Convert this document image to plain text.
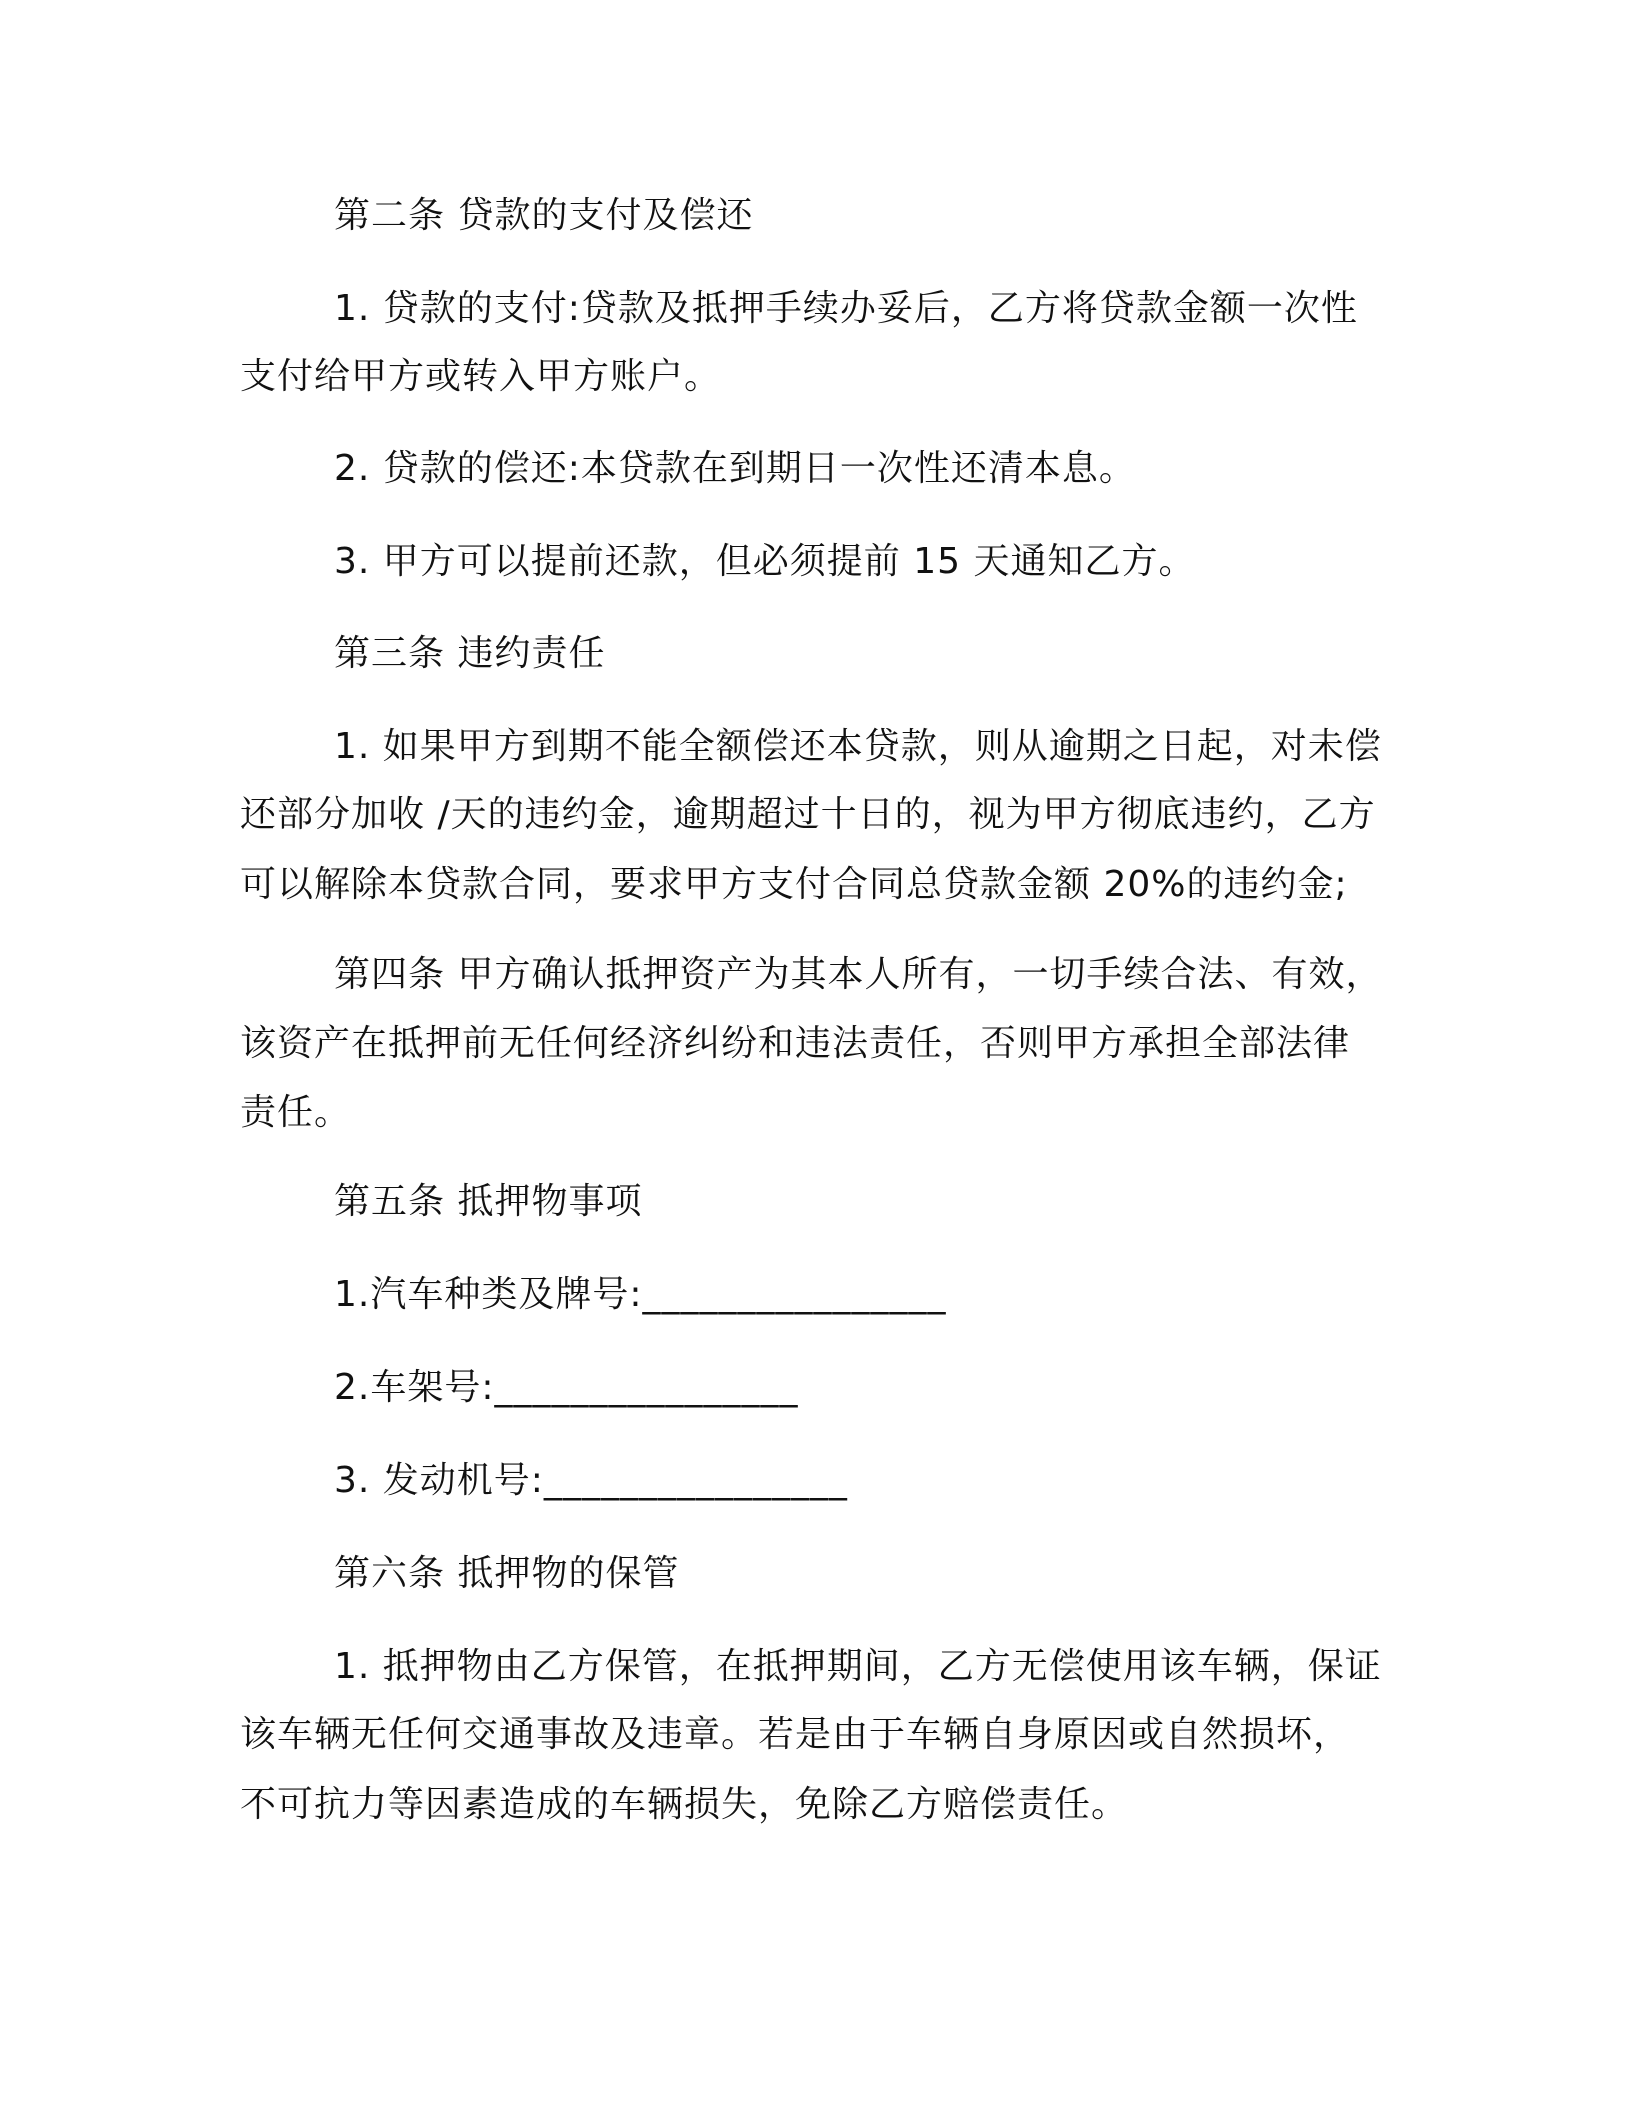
第二条 贷款的支付及偿还
1. 贷款的支付:贷款及抵押手续办妥后，乙方将贷款金额一次性
支付给甲方或转入甲方账户。
2. 贷款的偿还:本贷款在到期日一次性还清本息。
3. 甲方可以提前还款，但必须提前 15 天通知乙方。
第三条 违约责任
1. 如果甲方到期不能全额偿还本贷款，则从逾期之日起，对未偿
还部分加收 /天的违约金，逾期超过十日的，视为甲方彻底违约，乙方
可以解除本贷款合同，要求甲方支付合同总贷款金额 20%的违约金;
第四条 甲方确认抵押资产为其本人所有，一切手续合法、有效，
该资产在抵押前无任何经济纠纷和违法责任，否则甲方承担全部法律
责任。
第五条 抵押物事项
1.汽车种类及牌号:________________
2.车架号:________________
3. 发动机号:________________
第六条 抵押物的保管
1. 抵押物由乙方保管，在抵押期间，乙方无偿使用该车辆，保证
该车辆无任何交通事故及违章。若是由于车辆自身原因或自然损坏，
不可抗力等因素造成的车辆损失，免除乙方赔偿责任。
